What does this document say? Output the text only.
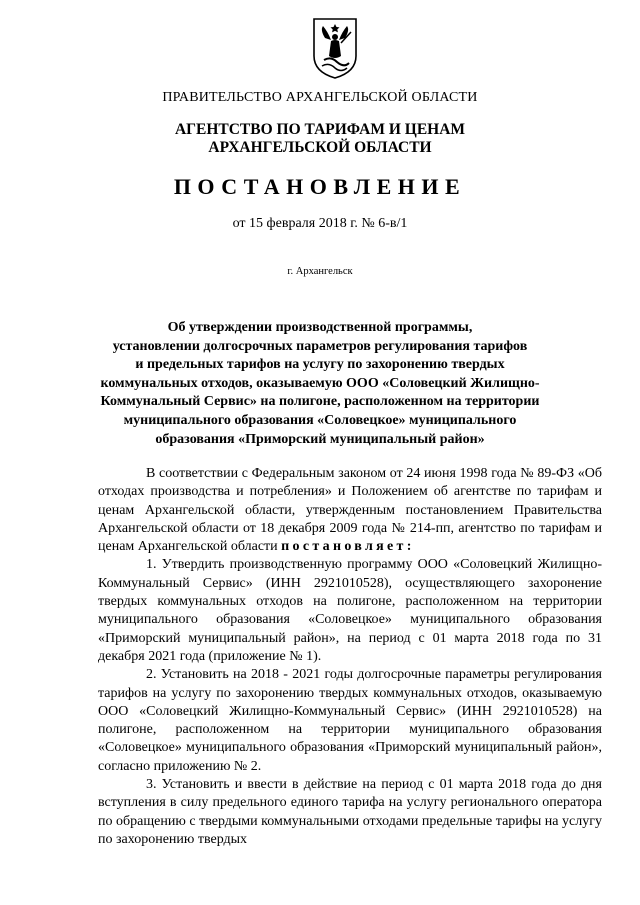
ПРАВИТЕЛЬСТВО АРХАНГЕЛЬСКОЙ ОБЛАСТИ
АГЕНТСТВО ПО ТАРИФАМ И ЦЕНАМ
АРХАНГЕЛЬСКОЙ ОБЛАСТИ
ПОСТАНОВЛЕНИЕ
от 15 февраля 2018 г. № 6-в/1
г. Архангельск
Об утверждении производственной программы,
установлении долгосрочных параметров регулирования тарифов
и предельных тарифов на услугу по захоронению твердых
коммунальных отходов, оказываемую ООО «Соловецкий Жилищно-
Коммунальный Сервис» на полигоне, расположенном на территории
муниципального образования «Соловецкое» муниципального
образования «Приморский муниципальный район»

В соответствии с Федеральным законом от 24 июня 1998 года № 89-ФЗ «Об отходах производства и потребления» и Положением об агентстве по тарифам и ценам Архангельской области, утвержденным постановлением Правительства Архангельской области от 18 декабря 2009 года № 214-пп, агентство по тарифам и ценам Архангельской области постановляет:

1. Утвердить производственную программу ООО «Соловецкий Жилищно-Коммунальный Сервис» (ИНН 2921010528), осуществляющего захоронение твердых коммунальных отходов на полигоне, расположенном на территории муниципального образования «Соловецкое» муниципального образования «Приморский муниципальный район», на период с 01 марта 2018 года по 31 декабря 2021 года (приложение № 1).

2. Установить на 2018 - 2021 годы долгосрочные параметры регулирования тарифов на услугу по захоронению твердых коммунальных отходов, оказываемую ООО «Соловецкий Жилищно-Коммунальный Сервис» (ИНН 2921010528) на полигоне, расположенном на территории муниципального образования «Соловецкое» муниципального образования «Приморский муниципальный район», согласно приложению № 2.

3. Установить и ввести в действие на период с 01 марта 2018 года до дня вступления в силу предельного единого тарифа на услугу регионального оператора по обращению с твердыми коммунальными отходами предельные тарифы на услугу по захоронению твердых
